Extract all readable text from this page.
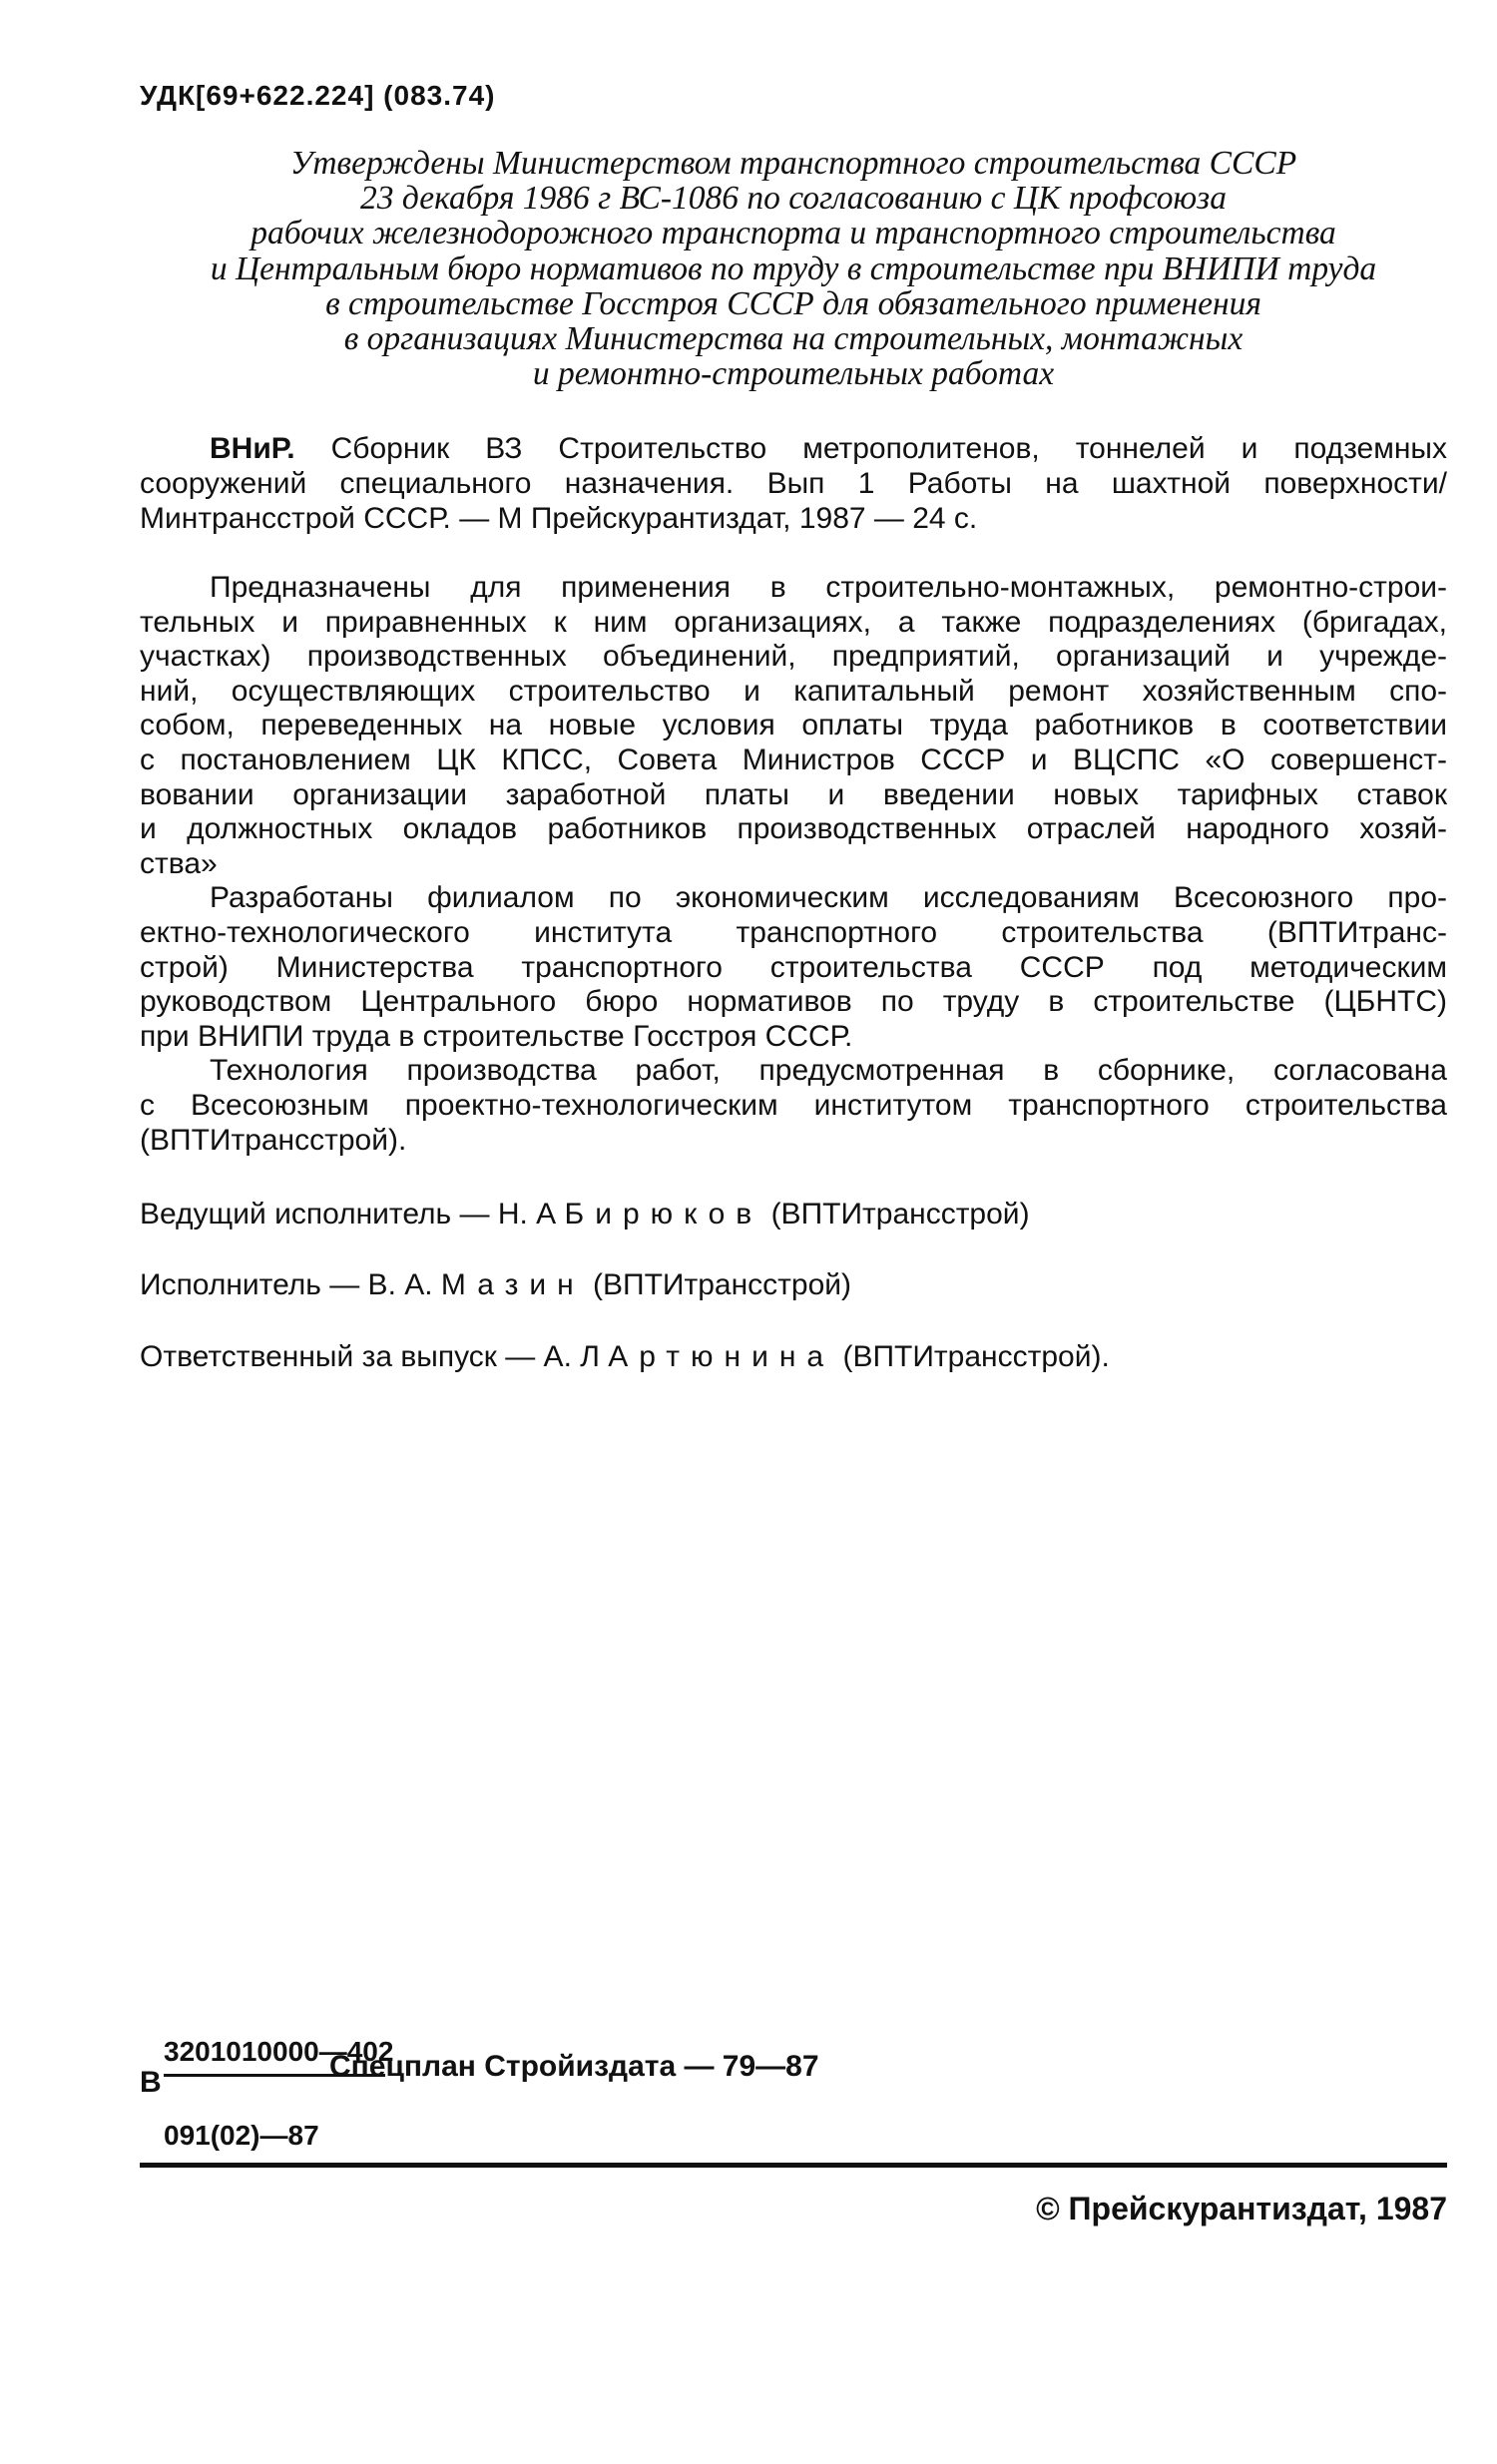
УДК[69+622.224] (083.74)
Утверждены Министерством транспортного строительства СССР
23 декабря 1986 г ВС-1086 по согласованию с ЦК профсоюза
рабочих железнодорожного транспорта и транспортного строительства
и Центральным бюро нормативов по труду в строительстве при ВНИПИ труда
в строительстве Госстроя СССР для обязательного применения
в организациях Министерства на строительных, монтажных
и ремонтно-строительных работах
ВНиР. Сборник ВЗ Строительство метрополитенов, тоннелей и подземных
сооружений специального назначения. Вып 1 Работы на шахтной поверхности/
Минтрансстрой СССР. — М Прейскурантиздат, 1987 — 24 с.
Предназначены для применения в строительно-монтажных, ремонтно-строи-
тельных и приравненных к ним организациях, а также подразделениях (бригадах,
участках) производственных объединений, предприятий, организаций и учрежде-
ний, осуществляющих строительство и капитальный ремонт хозяйственным спо-
собом, переведенных на новые условия оплаты труда работников в соответствии
с постановлением ЦК КПСС, Совета Министров СССР и ВЦСПС «О совершенст-
вовании организации заработной платы и введении новых тарифных ставок
и должностных окладов работников производственных отраслей народного хозяй-
ства»
Разработаны филиалом по экономическим исследованиям Всесоюзного про-
ектно-технологического института транспортного строительства (ВПТИтранс-
строй) Министерства транспортного строительства СССР под методическим
руководством Центрального бюро нормативов по труду в строительстве (ЦБНТС)
при ВНИПИ труда в строительстве Госстроя СССР.
Технология производства работ, предусмотренная в сборнике, согласована
с Всесоюзным проектно-технологическим институтом транспортного строительства
(ВПТИтрансстрой).
Ведущий исполнитель — Н. А Бирюков (ВПТИтрансстрой)
Исполнитель — В. А. Мазин (ВПТИтрансстрой)
Ответственный за выпуск — А. Л Артюнина (ВПТИтрансстрой).
В
3201010000—402
091(02)—87
Спецплан Стройиздата — 79—87
© Прейскурантиздат, 1987
